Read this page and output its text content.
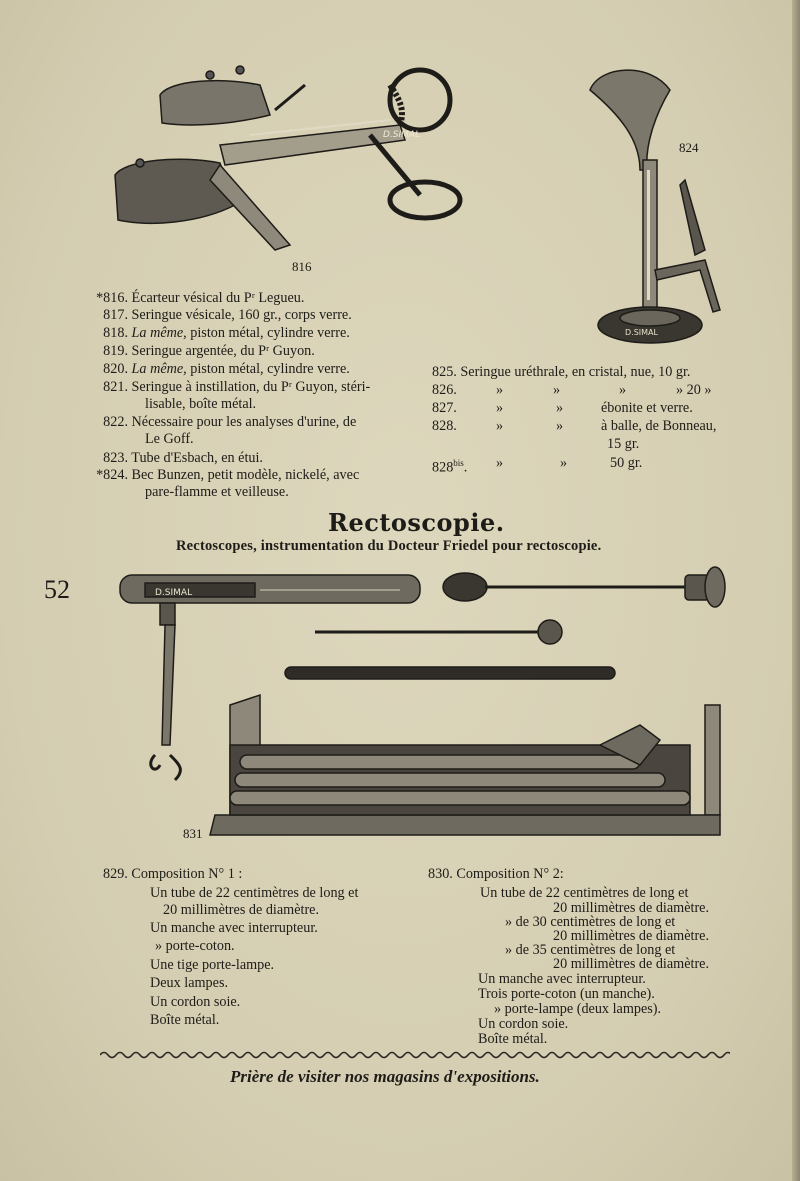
D.SIMAL
816
D.SIMAL
824
*816. Écarteur vésical du Pʳ Legueu.
817. Seringue vésicale, 160 gr., corps verre.
818. La même, piston métal, cylindre verre.
819. Seringue argentée, du Pʳ Guyon.
820. La même, piston métal, cylindre verre.
821. Seringue à instillation, du Pʳ Guyon, stéri-
lisable, boîte métal.
822. Nécessaire pour les analyses d'urine, de
Le Goff.
823. Tube d'Esbach, en étui.
*824. Bec Bunzen, petit modèle, nickelé, avec
pare-flamme et veilleuse.
825. Seringue uréthrale, en cristal, nue, 10 gr.
826.	»	»	»	» 20 »
827.	»	»	ébonite et verre.
828.	»	»	à balle, de Bonneau,
15 gr.
$828^{bis}$. »	»	50 gr.
Rectoscopie.
Rectoscopes, instrumentation du Docteur Friedel pour rectoscopie.
52	D.SIMAL
831
829. Composition N° 1 :
Un tube de 22 centimètres de long et
20 millimètres de diamètre.
Un manche avec interrupteur.
» porte-coton.
Une tige porte-lampe.
Deux lampes.
Un cordon soie.
Boîte métal.
830. Composition N° 2:
Un tube de 22 centimètres de long et
20 millimètres de diamètre.
» de 30 centimètres de long et
20 millimètres de diamètre.
» de 35 centimètres de long et
20 millimètres de diamètre.
Un manche avec interrupteur.
Trois porte-coton (un manche).
» porte-lampe (deux lampes).
Un cordon soie.
Boîte métal.
Prière de visiter nos magasins d'expositions.
